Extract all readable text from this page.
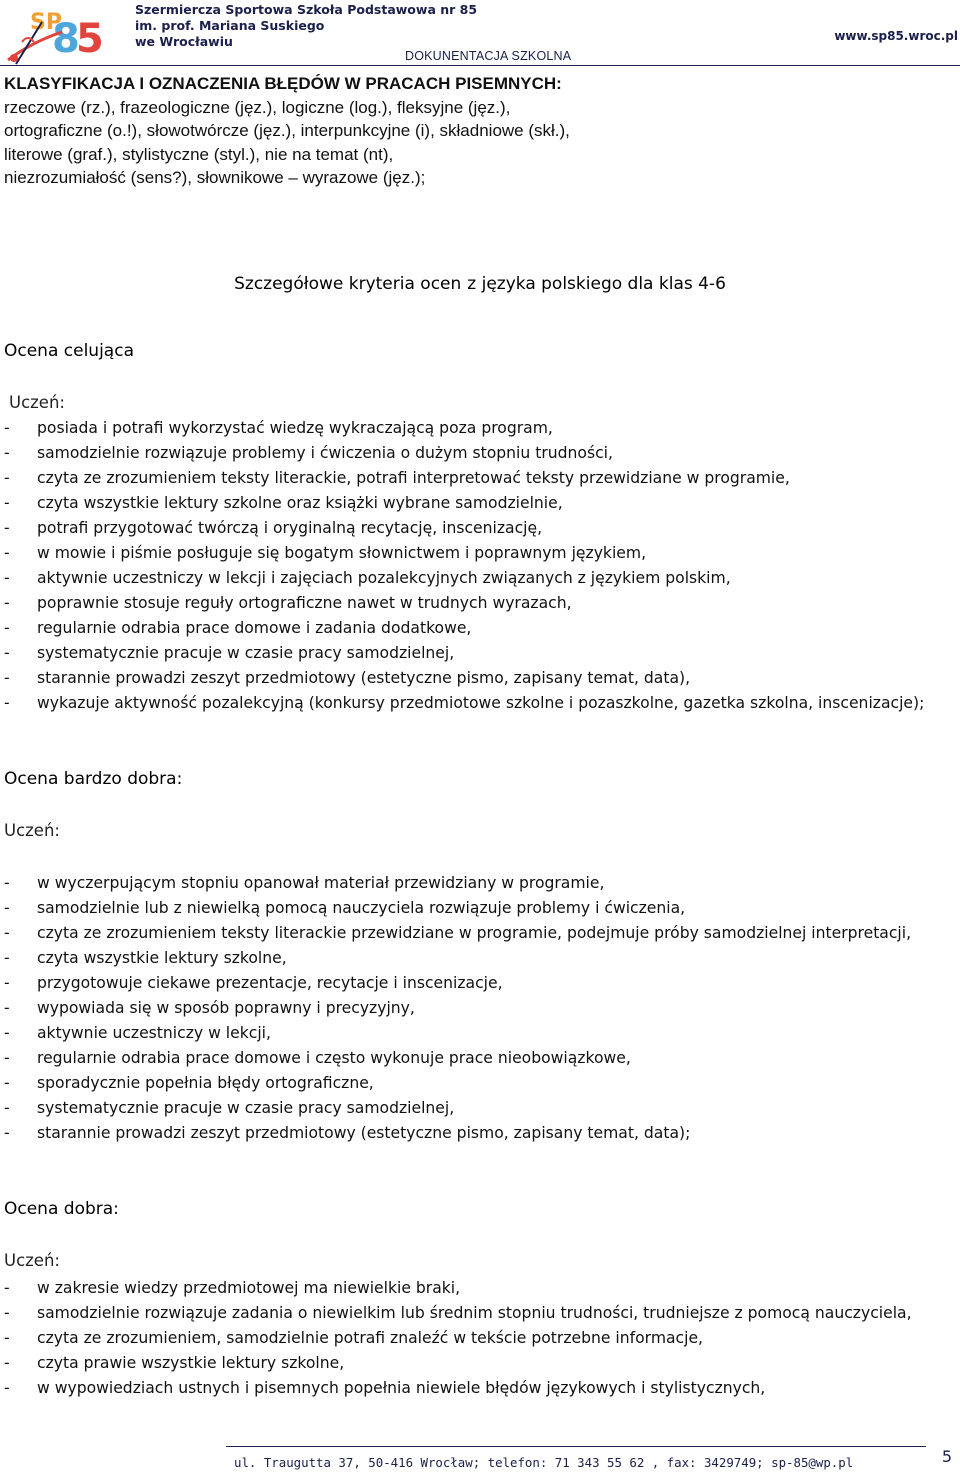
SP
8
5
Szermiercza Sportowa Szkoła Podstawowa nr 85
im. prof. Mariana Suskiego
we Wrocławiu
DOKUNENTACJA SZKOLNA
www.sp85.wroc.pl
KLASYFIKACJA I OZNACZENIA BŁĘDÓW W PRACACH PISEMNYCH:
rzeczowe (rz.), frazeologiczne (jęz.), logiczne (log.), fleksyjne (jęz.),
ortograficzne (o.!), słowotwórcze (jęz.), interpunkcyjne (i), składniowe (skł.),
literowe (graf.), stylistyczne (styl.), nie na temat (nt),
niezrozumiałość (sens?), słownikowe – wyrazowe (jęz.);
Szczegółowe kryteria ocen z języka polskiego dla klas 4-6
Ocena celująca
Uczeń:
- posiada i potrafi wykorzystać wiedzę wykraczającą poza program,
- samodzielnie rozwiązuje problemy i ćwiczenia o dużym stopniu trudności,
- czyta ze zrozumieniem teksty literackie, potrafi interpretować teksty przewidziane w programie,
- czyta wszystkie lektury szkolne oraz książki wybrane samodzielnie,
- potrafi przygotować twórczą i oryginalną recytację, inscenizację,
- w mowie i piśmie posługuje się bogatym słownictwem i poprawnym językiem,
- aktywnie uczestniczy w lekcji i zajęciach pozalekcyjnych związanych z językiem polskim,
- poprawnie stosuje reguły ortograficzne nawet w trudnych wyrazach,
- regularnie odrabia prace domowe i zadania dodatkowe,
- systematycznie pracuje w czasie pracy samodzielnej,
- starannie prowadzi zeszyt przedmiotowy (estetyczne pismo, zapisany temat, data),
- wykazuje aktywność pozalekcyjną (konkursy przedmiotowe szkolne i pozaszkolne, gazetka szkolna, inscenizacje);
Ocena bardzo dobra:
Uczeń:
- w wyczerpującym stopniu opanował materiał przewidziany w programie,
- samodzielnie lub z niewielką pomocą nauczyciela rozwiązuje problemy i ćwiczenia,
- czyta ze zrozumieniem teksty literackie przewidziane w programie, podejmuje próby samodzielnej interpretacji,
- czyta wszystkie lektury szkolne,
- przygotowuje ciekawe prezentacje, recytacje i inscenizacje,
- wypowiada się w sposób poprawny i precyzyjny,
- aktywnie uczestniczy w lekcji,
- regularnie odrabia prace domowe i często wykonuje prace nieobowiązkowe,
- sporadycznie popełnia błędy ortograficzne,
- systematycznie pracuje w czasie pracy samodzielnej,
- starannie prowadzi zeszyt przedmiotowy (estetyczne pismo, zapisany temat, data);
Ocena dobra:
Uczeń:
- w zakresie wiedzy przedmiotowej ma niewielkie braki,
- samodzielnie rozwiązuje zadania o niewielkim lub średnim stopniu trudności, trudniejsze z pomocą nauczyciela,
- czyta ze zrozumieniem, samodzielnie potrafi znaleźć w tekście potrzebne informacje,
- czyta prawie wszystkie lektury szkolne,
- w wypowiedziach ustnych i pisemnych popełnia niewiele błędów językowych i stylistycznych,
ul. Traugutta 37, 50-416 Wrocław; telefon: 71 343 55 62 , fax: 3429749; sp-85@wp.pl	5
